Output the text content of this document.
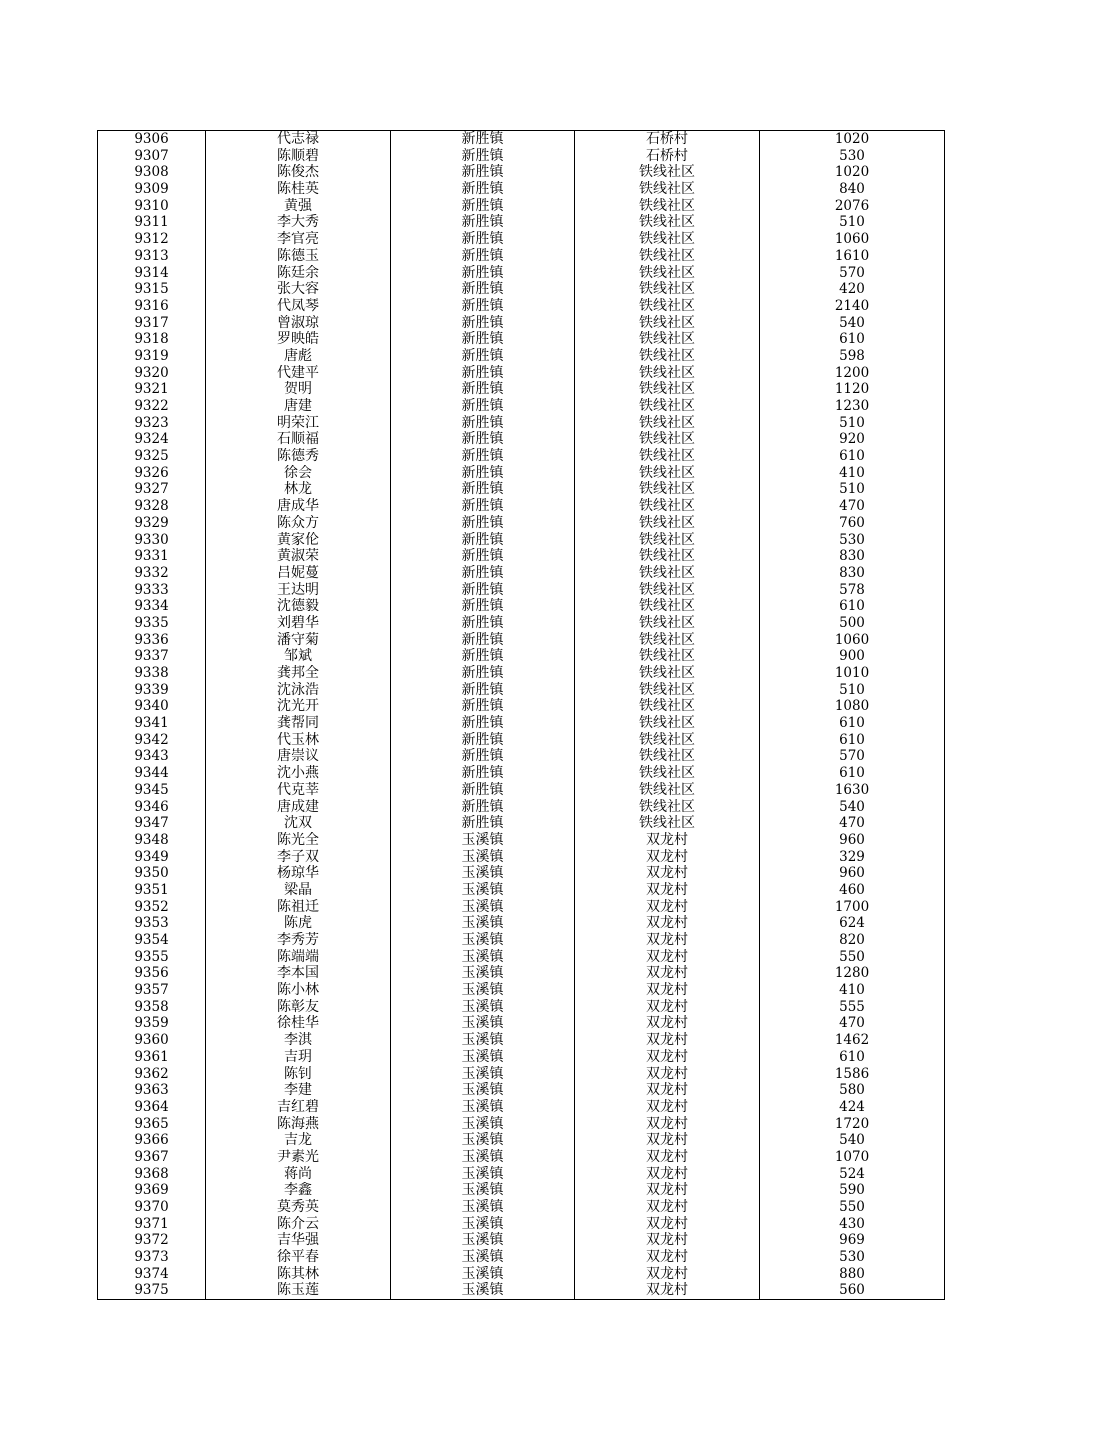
9306	代志禄	新胜镇	石桥村	1020
9307	陈顺碧	新胜镇	石桥村	530
9308	陈俊杰	新胜镇	铁线社区	1020
9309	陈桂英	新胜镇	铁线社区	840
9310	黄强	新胜镇	铁线社区	2076
9311	李大秀	新胜镇	铁线社区	510
9312	李官亮	新胜镇	铁线社区	1060
9313	陈德玉	新胜镇	铁线社区	1610
9314	陈廷余	新胜镇	铁线社区	570
9315	张大容	新胜镇	铁线社区	420
9316	代凤琴	新胜镇	铁线社区	2140
9317	曾淑琼	新胜镇	铁线社区	540
9318	罗映皓	新胜镇	铁线社区	610
9319	唐彪	新胜镇	铁线社区	598
9320	代建平	新胜镇	铁线社区	1200
9321	贺明	新胜镇	铁线社区	1120
9322	唐建	新胜镇	铁线社区	1230
9323	明荣江	新胜镇	铁线社区	510
9324	石顺福	新胜镇	铁线社区	920
9325	陈德秀	新胜镇	铁线社区	610
9326	徐会	新胜镇	铁线社区	410
9327	林龙	新胜镇	铁线社区	510
9328	唐成华	新胜镇	铁线社区	470
9329	陈众方	新胜镇	铁线社区	760
9330	黄家伦	新胜镇	铁线社区	530
9331	黄淑荣	新胜镇	铁线社区	830
9332	吕妮蔓	新胜镇	铁线社区	830
9333	王达明	新胜镇	铁线社区	578
9334	沈德毅	新胜镇	铁线社区	610
9335	刘碧华	新胜镇	铁线社区	500
9336	潘守菊	新胜镇	铁线社区	1060
9337	邹斌	新胜镇	铁线社区	900
9338	龚邦全	新胜镇	铁线社区	1010
9339	沈泳浩	新胜镇	铁线社区	510
9340	沈光开	新胜镇	铁线社区	1080
9341	龚帮同	新胜镇	铁线社区	610
9342	代玉林	新胜镇	铁线社区	610
9343	唐崇议	新胜镇	铁线社区	570
9344	沈小燕	新胜镇	铁线社区	610
9345	代克莘	新胜镇	铁线社区	1630
9346	唐成建	新胜镇	铁线社区	540
9347	沈双	新胜镇	铁线社区	470
9348	陈光全	玉溪镇	双龙村	960
9349	李子双	玉溪镇	双龙村	329
9350	杨琼华	玉溪镇	双龙村	960
9351	梁晶	玉溪镇	双龙村	460
9352	陈祖迁	玉溪镇	双龙村	1700
9353	陈虎	玉溪镇	双龙村	624
9354	李秀芳	玉溪镇	双龙村	820
9355	陈端端	玉溪镇	双龙村	550
9356	李本国	玉溪镇	双龙村	1280
9357	陈小林	玉溪镇	双龙村	410
9358	陈彰友	玉溪镇	双龙村	555
9359	徐桂华	玉溪镇	双龙村	470
9360	李淇	玉溪镇	双龙村	1462
9361	吉玥	玉溪镇	双龙村	610
9362	陈钊	玉溪镇	双龙村	1586
9363	李建	玉溪镇	双龙村	580
9364	吉红碧	玉溪镇	双龙村	424
9365	陈海燕	玉溪镇	双龙村	1720
9366	吉龙	玉溪镇	双龙村	540
9367	尹素光	玉溪镇	双龙村	1070
9368	蒋尚	玉溪镇	双龙村	524
9369	李鑫	玉溪镇	双龙村	590
9370	莫秀英	玉溪镇	双龙村	550
9371	陈介云	玉溪镇	双龙村	430
9372	吉华强	玉溪镇	双龙村	969
9373	徐平春	玉溪镇	双龙村	530
9374	陈其林	玉溪镇	双龙村	880
9375	陈玉莲	玉溪镇	双龙村	560
